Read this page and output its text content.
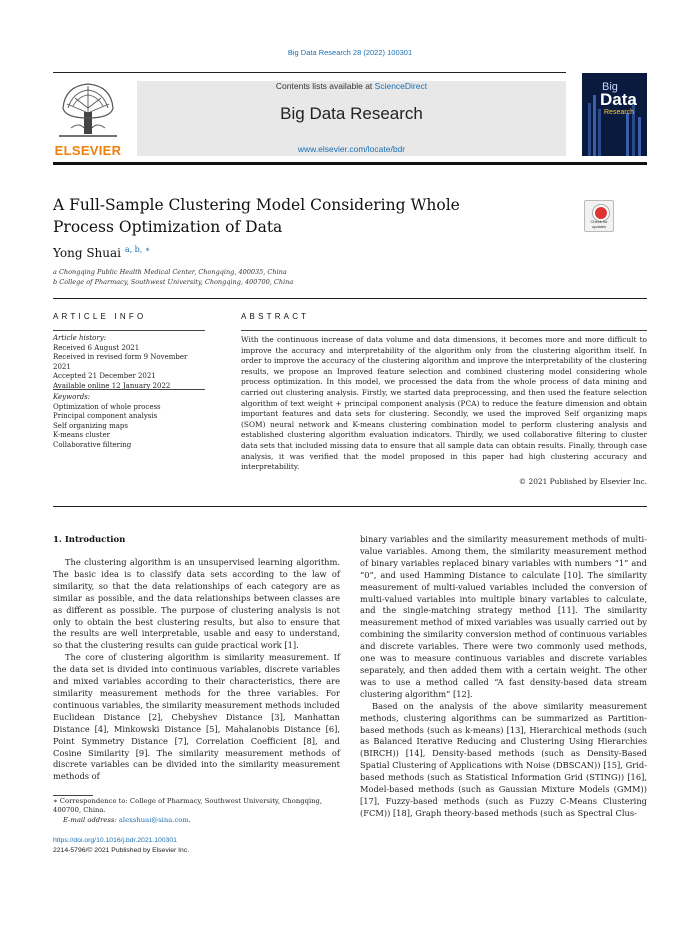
Big Data Research 28 (2022) 100301
ELSEVIER
Contents lists available at ScienceDirect
Big Data Research
www.elsevier.com/locate/bdr
Big
Data
Research
A Full-Sample Clustering Model Considering Whole Process Optimization of Data	Check for updates
Yong Shuai $^{a, b, ∗}$
a Chongqing Public Health Medical Center, Chongqing, 400035, China
b College of Pharmacy, Southwest University, Chongqing, 400700, China
ARTICLE INFO
Article history:
Received 6 August 2021
Received in revised form 9 November 2021
Accepted 21 December 2021
Available online 12 January 2022
Keywords:
Optimization of whole process
Principal component analysis
Self organizing maps
K-means cluster
Collaborative filtering
ABSTRACT
With the continuous increase of data volume and data dimensions, it becomes more and more difficult to improve the accuracy and interpretability of the algorithm only from the clustering algorithm itself. In order to improve the accuracy of the clustering algorithm and improve the interpretability of the clustering results, we propose an Improved feature selection and combined clustering model considering whole process optimization. In this model, we processed the data from the whole process of data mining and carried out clustering analysis. Firstly, we started data preprocessing, and then used the feature selection algorithm of text weight + principal component analysis (PCA) to reduce the feature dimension and obtain important features and data sets for clustering. Secondly, we used the improved Self organizing maps (SOM) neural network and K-means clustering combination model to perform clustering analysis and established clustering algorithm evaluation indicators. Thirdly, we used collaborative filtering to cluster data sets that included missing data to ensure that all sample data can obtain results. Finally, through case analysis, it was verified that the model proposed in this paper had high clustering accuracy and interpretability.
© 2021 Published by Elsevier Inc.
1. Introduction

The clustering algorithm is an unsupervised learning algorithm. The basic idea is to classify data sets according to the law of similarity, so that the data relationships of each category are as similar as possible, and the data relationships between classes are as different as possible. The purpose of clustering analysis is not only to obtain the best clustering results, but also to ensure that the results are well interpretable, usable and easy to understand, so that the clustering results can guide practical work [1].

The core of clustering algorithm is similarity measurement. If the data set is divided into continuous variables, discrete variables and mixed variables according to their characteristics, there are similarity measurement methods for the three variables. For continuous variables, the similarity measurement methods included Euclidean Distance [2], Chebyshev Distance [3], Manhattan Distance [4], Minkowski Distance [5], Mahalanobis Distance [6], Point Symmetry Distance [7], Correlation Coefficient [8], and Cosine Similarity [9]. The similarity measurement methods of discrete variables can be divided into the similarity measurement methods of

binary variables and the similarity measurement methods of multi-value variables. Among them, the similarity measurement method of binary variables replaced binary variables with numbers “1” and “0”, and used Hamming Distance to calculate [10]. The similarity measurement of multi-valued variables included the conversion of multi-valued variables into multiple binary variables to calculate, and the single-matching strategy method [11]. The similarity measurement method of mixed variables was usually carried out by combining the similarity conversion method of continuous variables and discrete variables. There were two commonly used methods, one was to measure continuous variables and discrete variables separately, and then added them with a certain weight. The other was to use a method called “A fast density-based data stream clustering algorithm” [12].

Based on the analysis of the above similarity measurement methods, clustering algorithms can be summarized as Partition-based methods (such as k-means) [13], Hierarchical methods (such as Balanced Iterative Reducing and Clustering Using Hierarchies (BIRCH)) [14], Density-based methods (such as Density-Based Spatial Clustering of Applications with Noise (DBSCAN)) [15], Grid-based methods (such as Statistical Information Grid (STING)) [16], Model-based methods (such as Gaussian Mixture Models (GMM)) [17], Fuzzy-based methods (such as Fuzzy C-Means Clustering (FCM)) [18], Graph theory-based methods (such as Spectral Clus-

∗ Correspondence to: College of Pharmacy, Southwest University, Chongqing, 400700, China.
E-mail address: alexshuai@sina.com.
https://doi.org/10.1016/j.bdr.2021.100301
2214-5796/© 2021 Published by Elsevier Inc.
